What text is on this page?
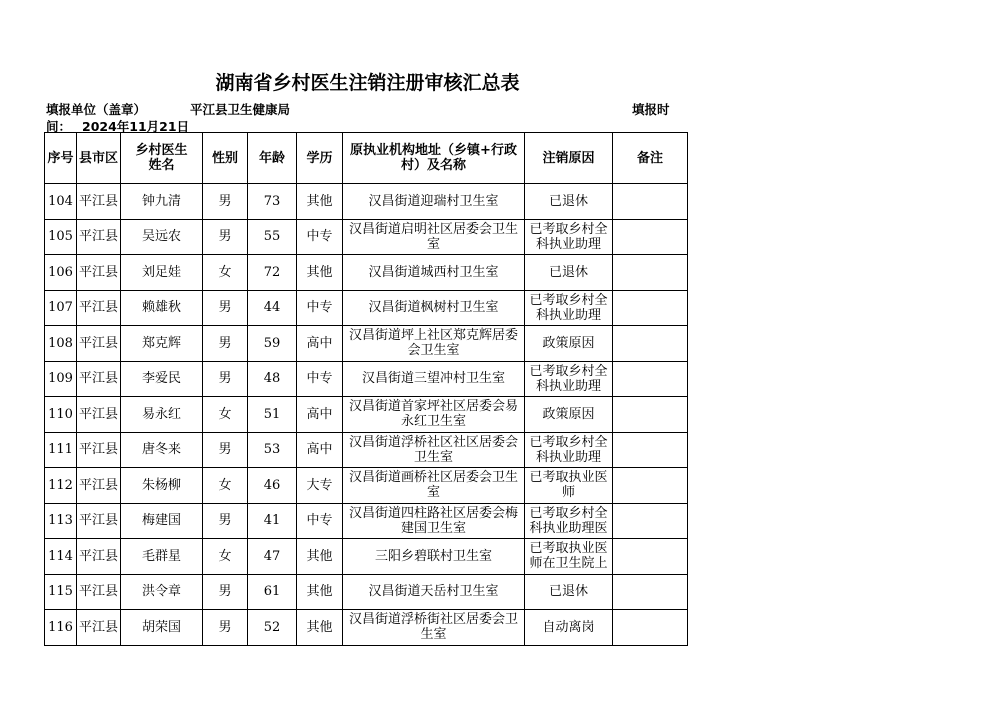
湖南省乡村医生注销注册审核汇总表
填报单位（盖章）	平江县卫生健康局	填报时
间： 2024年11月21日
序号	县市区	乡村医生姓名	性别	年龄	学历	原执业机构地址（乡镇+行政村）及名称	注销原因	备注
104	平江县	钟九清	男	73	其他	汉昌街道迎瑞村卫生室	已退休	
105	平江县	吴远农	男	55	中专	汉昌街道启明社区居委会卫生室	已考取乡村全科执业助理	
106	平江县	刘足娃	女	72	其他	汉昌街道城西村卫生室	已退休	
107	平江县	赖雄秋	男	44	中专	汉昌街道枫树村卫生室	已考取乡村全科执业助理	
108	平江县	郑克辉	男	59	高中	汉昌街道坪上社区郑克辉居委会卫生室	政策原因	
109	平江县	李爱民	男	48	中专	汉昌街道三望冲村卫生室	已考取乡村全科执业助理	
110	平江县	易永红	女	51	高中	汉昌街道首家坪社区居委会易永红卫生室	政策原因	
111	平江县	唐冬来	男	53	高中	汉昌街道浮桥社区社区居委会卫生室	已考取乡村全科执业助理	
112	平江县	朱杨柳	女	46	大专	汉昌街道画桥社区居委会卫生室	已考取执业医师	
113	平江县	梅建国	男	41	中专	汉昌街道四柱路社区居委会梅建国卫生室	已考取乡村全科执业助理医	
114	平江县	毛群星	女	47	其他	三阳乡碧联村卫生室	已考取执业医师在卫生院上	
115	平江县	洪令章	男	61	其他	汉昌街道天岳村卫生室	已退休	
116	平江县	胡荣国	男	52	其他	汉昌街道浮桥街社区居委会卫生室	自动离岗	
